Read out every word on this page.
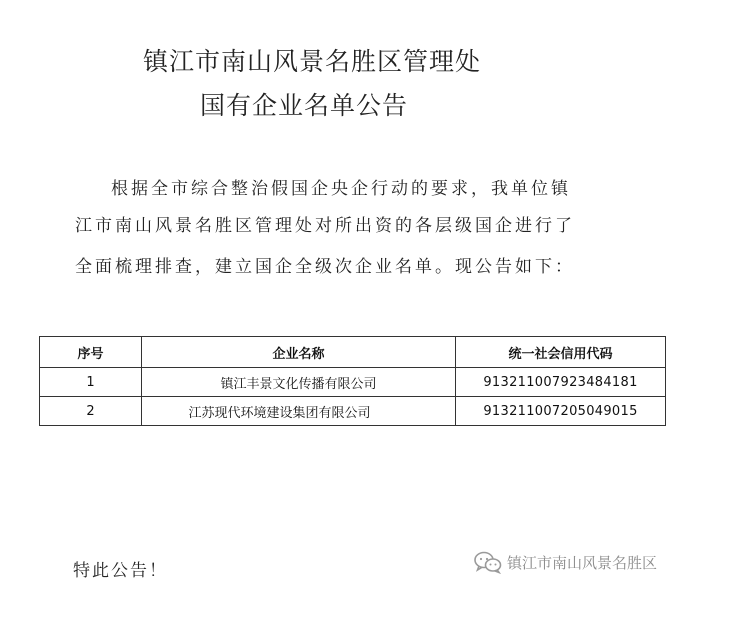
镇江市南山风景名胜区管理处
国有企业名单公告
根据全市综合整治假国企央企行动的要求，我单位镇
江市南山风景名胜区管理处对所出资的各层级国企进行了
全面梳理排查，建立国企全级次企业名单。现公告如下：
序号	企业名称	统一社会信用代码
1	镇江丰景文化传播有限公司	913211007923484181
2	江苏现代环境建设集团有限公司	913211007205049015
特此公告！	镇江市南山风景名胜区
